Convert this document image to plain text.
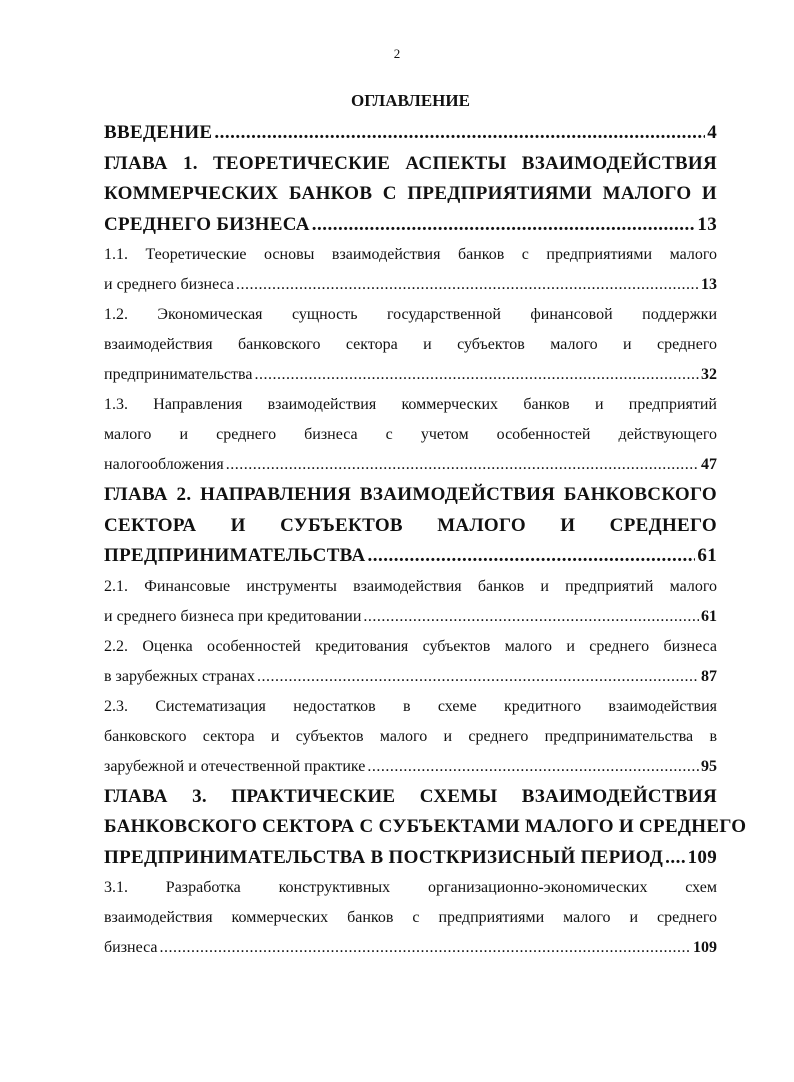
2
ОГЛАВЛЕНИЕ
ВВЕДЕНИЕ .....	4
ГЛАВА 1. ТЕОРЕТИЧЕСКИЕ АСПЕКТЫ ВЗАИМОДЕЙСТВИЯ
КОММЕРЧЕСКИХ БАНКОВ С ПРЕДПРИЯТИЯМИ МАЛОГО И
СРЕДНЕГО БИЗНЕСА .....	13
1.1. Теоретические основы взаимодействия банков с предприятиями малого
и среднего бизнеса .....	13
1.2. Экономическая сущность государственной финансовой поддержки
взаимодействия банковского сектора и субъектов малого и среднего
предпринимательства .....	32
1.3. Направления взаимодействия коммерческих банков и предприятий
малого и среднего бизнеса с учетом особенностей действующего
налогообложения .....	47
ГЛАВА 2. НАПРАВЛЕНИЯ ВЗАИМОДЕЙСТВИЯ БАНКОВСКОГО
СЕКТОРА И СУБЪЕКТОВ МАЛОГО И СРЕДНЕГО
ПРЕДПРИНИМАТЕЛЬСТВА .....	61
2.1. Финансовые инструменты взаимодействия банков и предприятий малого
и среднего бизнеса при кредитовании .....	61
2.2. Оценка особенностей кредитования субъектов малого и среднего бизнеса
в зарубежных странах .....	87
2.3. Систематизация недостатков в схеме кредитного взаимодействия
банковского сектора и субъектов малого и среднего предпринимательства в
зарубежной и отечественной практике .....	95
ГЛАВА 3. ПРАКТИЧЕСКИЕ СХЕМЫ ВЗАИМОДЕЙСТВИЯ
БАНКОВСКОГО СЕКТОРА С СУБЪЕКТАМИ МАЛОГО И СРЕДНЕГО
ПРЕДПРИНИМАТЕЛЬСТВА В ПОСТКРИЗИСНЫЙ ПЕРИОД ..... 109
3.1. Разработка конструктивных организационно-экономических схем
взаимодействия коммерческих банков с предприятиями малого и среднего
бизнеса .....	109
